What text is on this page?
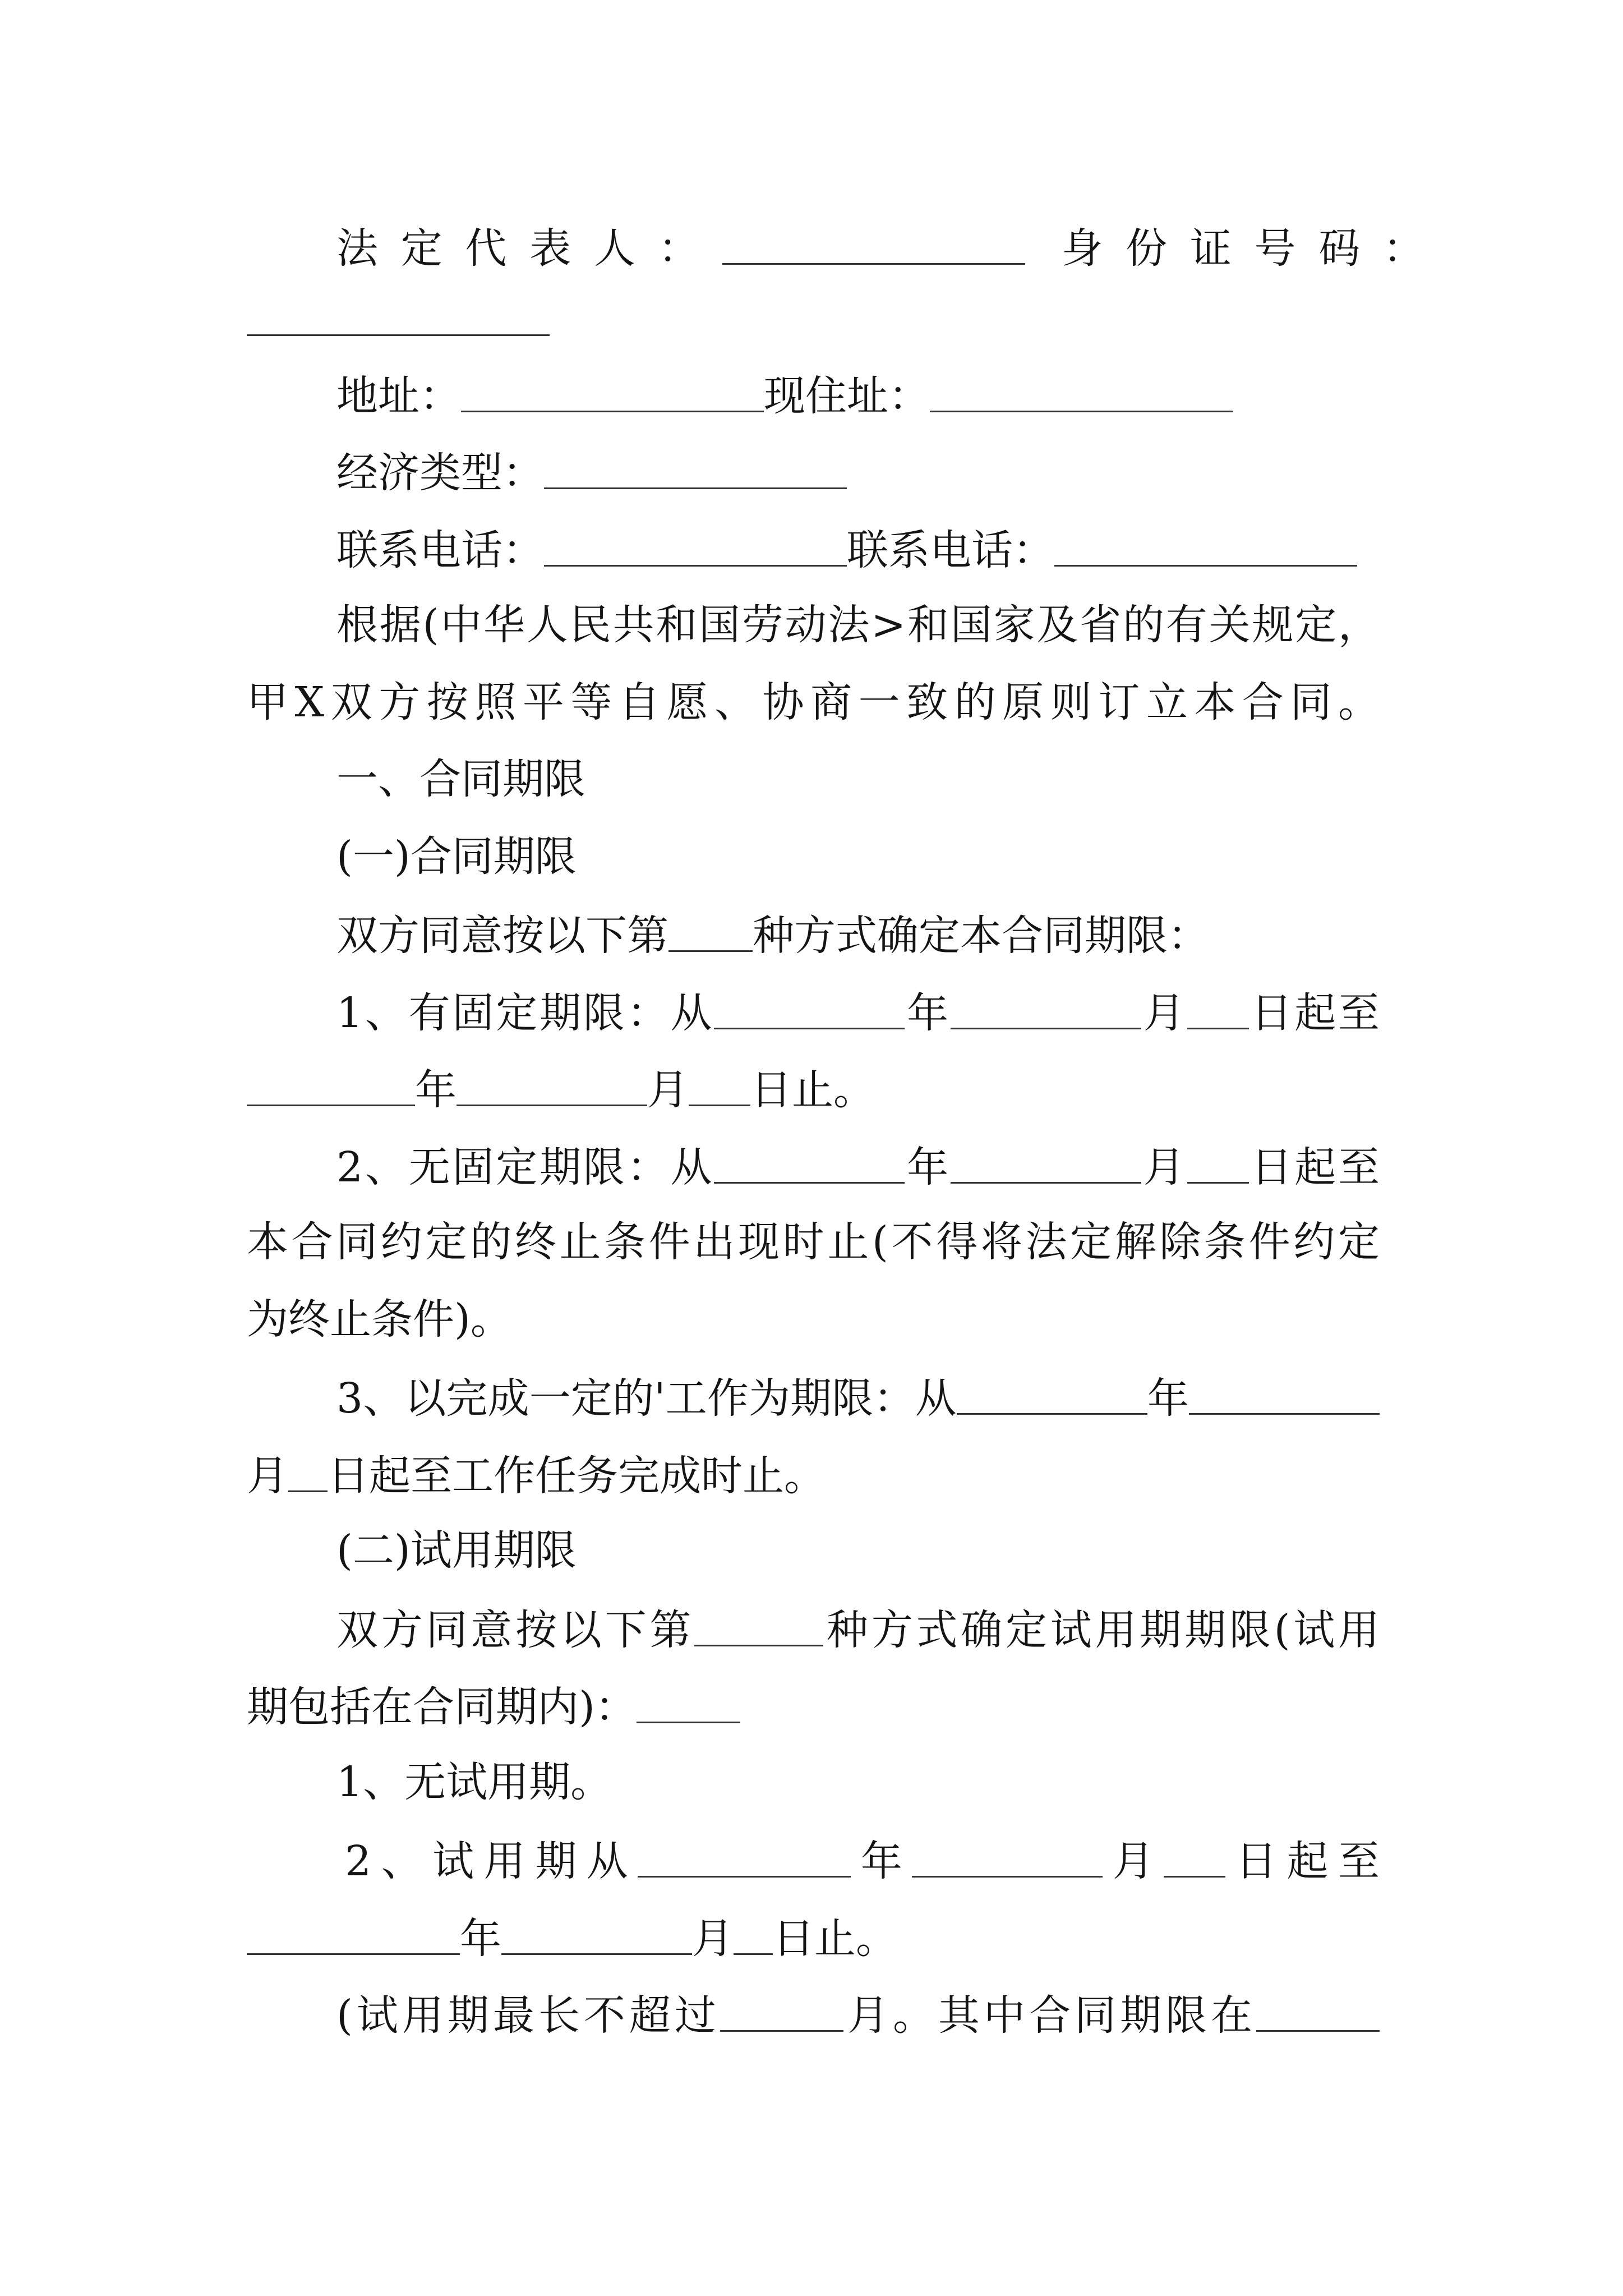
法定代表人：	身份证号码：
地址：	现住址：
经济类型：
联系电话：	联系电话：
根据(中华人民共和国劳动法>和国家及省的有关规定，
甲X双方按照平等自愿、协商一致的原则订立本合同。
一、合同期限
(一)合同期限
双方同意按以下第 种方式确定本合同期限：
1、有固定期限：从	年	月 日起至
年	月 日止。
2、无固定期限：从	年	月 日起至
本合同约定的终止条件出现时止(不得将法定解除条件约定
为终止条件)。
3、以完成一定的'工作为期限：从	年
月 日起至工作任务完成时止。
(二)试用期限
双方同意按以下第	种方式确定试用期期限(试用
期包括在合同期内)：
1、无试用期。
2、试用期从	年	月 日起至
年	月 日止。
(试用期最长不超过	月。其中合同期限在
